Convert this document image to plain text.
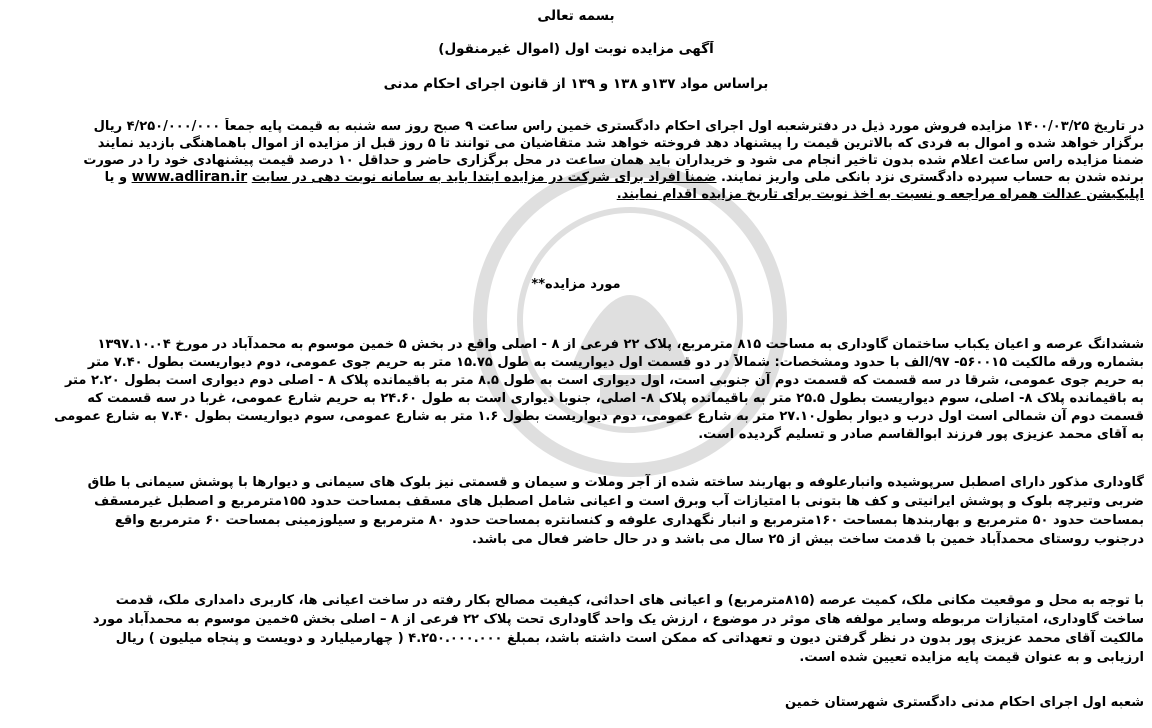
بسمه تعالی
آگهی مزایده نوبت اول (اموال غیرمنقول)
براساس مواد ۱۳۷و ۱۳۸ و ۱۳۹ از قانون اجرای احکام مدنی
در تاریخ ۱۴۰۰/۰۳/۲۵ مزایده فروش مورد ذیل در دفترشعبه اول اجرای احکام دادگستری خمین راس ساعت ۹ صبح روز سه شنبه به قیمت پایه جمعاً ۴/۲۵۰/۰۰۰/۰۰۰ ریال
برگزار خواهد شده و اموال به فردی که بالاترین قیمت را پیشنهاد دهد فروخته خواهد شد متقاضیان می توانند تا ۵ روز قبل از مزایده از اموال باهماهنگی بازدید نمایند
ضمنا مزایده راس ساعت اعلام شده بدون تاخیر انجام می شود و خریداران باید همان ساعت در محل برگزاری حاضر و حداقل ۱۰ درصد قیمت پیشنهادی خود را در صورت
برنده شدن به حساب سپرده دادگستری نزد بانکی ملی واریز نمایند. ضمناً افراد برای شرکت در مزایده ابتدا باید به سامانه نوبت دهی در سایت www.adliran.ir و یا
اپلیکیشن عدالت همراه مراجعه و نسبت به اخذ نوبت برای تاریخ مزایده اقدام نمایند.
مورد مزایده**
ششدانگ عرصه و اعیان یکباب ساختمان گاوداری به مساحت ۸۱۵ مترمربع، پلاک ۲۲ فرعی از ۸ - اصلی واقع در بخش ۵ خمین موسوم به محمدآباد در مورخ ۱۳۹۷.۱۰.۰۴
بشماره ورقه مالکیت ۵۶۰۰۱۵- ۹۷/الف با حدود ومشخصات: شمالاً در دو قسمت اول دیواریست به طول ۱۵.۷۵ متر به حریم جوی عمومی، دوم دیواریست بطول ۷.۴۰ متر
به حریم جوی عمومی، شرقا در سه قسمت که قسمت دوم آن جنوبی است، اول دیواری است به طول ۸.۵ متر به باقیمانده پلاک ۸ - اصلی دوم دیواری است بطول ۲.۲۰ متر
به باقیمانده پلاک ۸- اصلی، سوم دیواریست بطول ۲۵.۵ متر به باقیمانده پلاک ۸- اصلی، جنوبا دیواری است به طول ۲۴.۶۰ به حریم شارع عمومی، غربا در سه قسمت که
قسمت دوم آن شمالی است اول درب و دیوار بطول۲۷.۱۰ متر به شارع عمومی، دوم دیواریست بطول ۱.۶ متر به شارع عمومی، سوم دیواریست بطول ۷.۴۰ به شارع عمومی
به آقای محمد عزیزی پور فرزند ابوالقاسم صادر و تسلیم گردیده است.
گاوداری مذکور دارای اصطبل سرپوشیده وانبارعلوفه و بهاربند ساخته شده از آجر وملات و سیمان و قسمتی نیز بلوک های سیمانی و دیوارها با پوشش سیمانی با طاق
ضربی وتیرچه بلوک و پوشش ایرانیتی و کف ها بتونی با امتیازات آب وبرق است و اعیانی شامل اصطبل های مسقف بمساحت حدود ۱۵۵مترمربع و اصطبل غیرمسقف
بمساحت حدود ۵۰ مترمربع و بهاربندها بمساحت ۱۶۰مترمربع و انبار نگهداری علوفه و کنسانتره بمساحت حدود ۸۰ مترمربع و سیلوزمینی بمساحت ۶۰ مترمربع واقع
درجنوب روستای محمدآباد خمین با قدمت ساخت بیش از ۲۵ سال می باشد و در حال حاضر فعال می باشد.
با توجه به محل و موقعیت مکانی ملک، کمیت عرصه (۸۱۵مترمربع) و اعیانی های احداثی، کیفیت مصالح بکار رفته در ساخت اعیانی ها، کاربری دامداری ملک، قدمت
ساخت گاوداری، امتیازات مربوطه وسایر مولفه های موثر در موضوع ، ارزش یک واحد گاوداری تحت پلاک ۲۲ فرعی از ۸ – اصلی بخش ۵خمین موسوم به محمدآباد مورد
مالکیت آقای محمد عزیزی پور بدون در نظر گرفتن دیون و تعهداتی که ممکن است داشته باشد، بمبلغ ۴.۲۵۰.۰۰۰.۰۰۰ ( چهارمیلیارد و دویست و پنجاه میلیون ) ریال
ارزیابی و به عنوان قیمت پایه مزایده تعیین شده است.
شعبه اول اجرای احکام مدنی دادگستری شهرستان خمین
